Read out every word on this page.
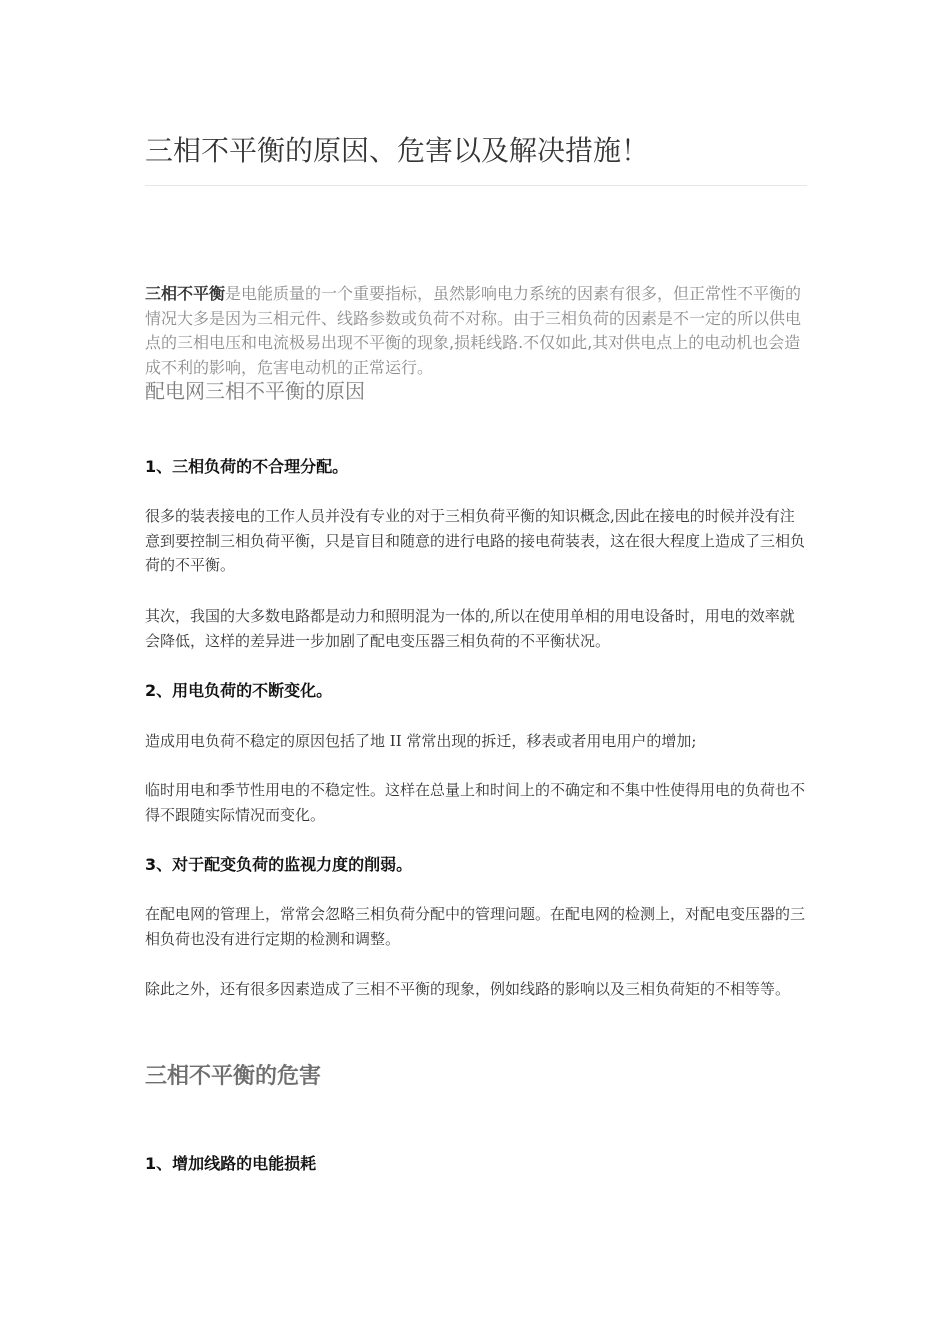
三相不平衡的原因、危害以及解决措施！
三相不平衡是电能质量的一个重要指标，虽然影响电力系统的因素有很多，但正常性不平衡的情况大多是因为三相元件、线路参数或负荷不对称。由于三相负荷的因素是不一定的所以供电点的三相电压和电流极易出现不平衡的现象,损耗线路.不仅如此,其对供电点上的电动机也会造成不利的影响，危害电动机的正常运行。
配电网三相不平衡的原因
1、三相负荷的不合理分配。
很多的装表接电的工作人员并没有专业的对于三相负荷平衡的知识概念,因此在接电的时候并没有注意到要控制三相负荷平衡，只是盲目和随意的进行电路的接电荷装表，这在很大程度上造成了三相负荷的不平衡。
其次，我国的大多数电路都是动力和照明混为一体的,所以在使用单相的用电设备时，用电的效率就会降低，这样的差异进一步加剧了配电变压器三相负荷的不平衡状况。
2、用电负荷的不断变化。
造成用电负荷不稳定的原因包括了地 II 常常出现的拆迁，移表或者用电用户的增加;
临时用电和季节性用电的不稳定性。这样在总量上和时间上的不确定和不集中性使得用电的负荷也不得不跟随实际情况而变化。
3、对于配变负荷的监视力度的削弱。
在配电网的管理上，常常会忽略三相负荷分配中的管理问题。在配电网的检测上，对配电变压器的三相负荷也没有进行定期的检测和调整。
除此之外，还有很多因素造成了三相不平衡的现象，例如线路的影响以及三相负荷矩的不相等等。
三相不平衡的危害
1、增加线路的电能损耗
